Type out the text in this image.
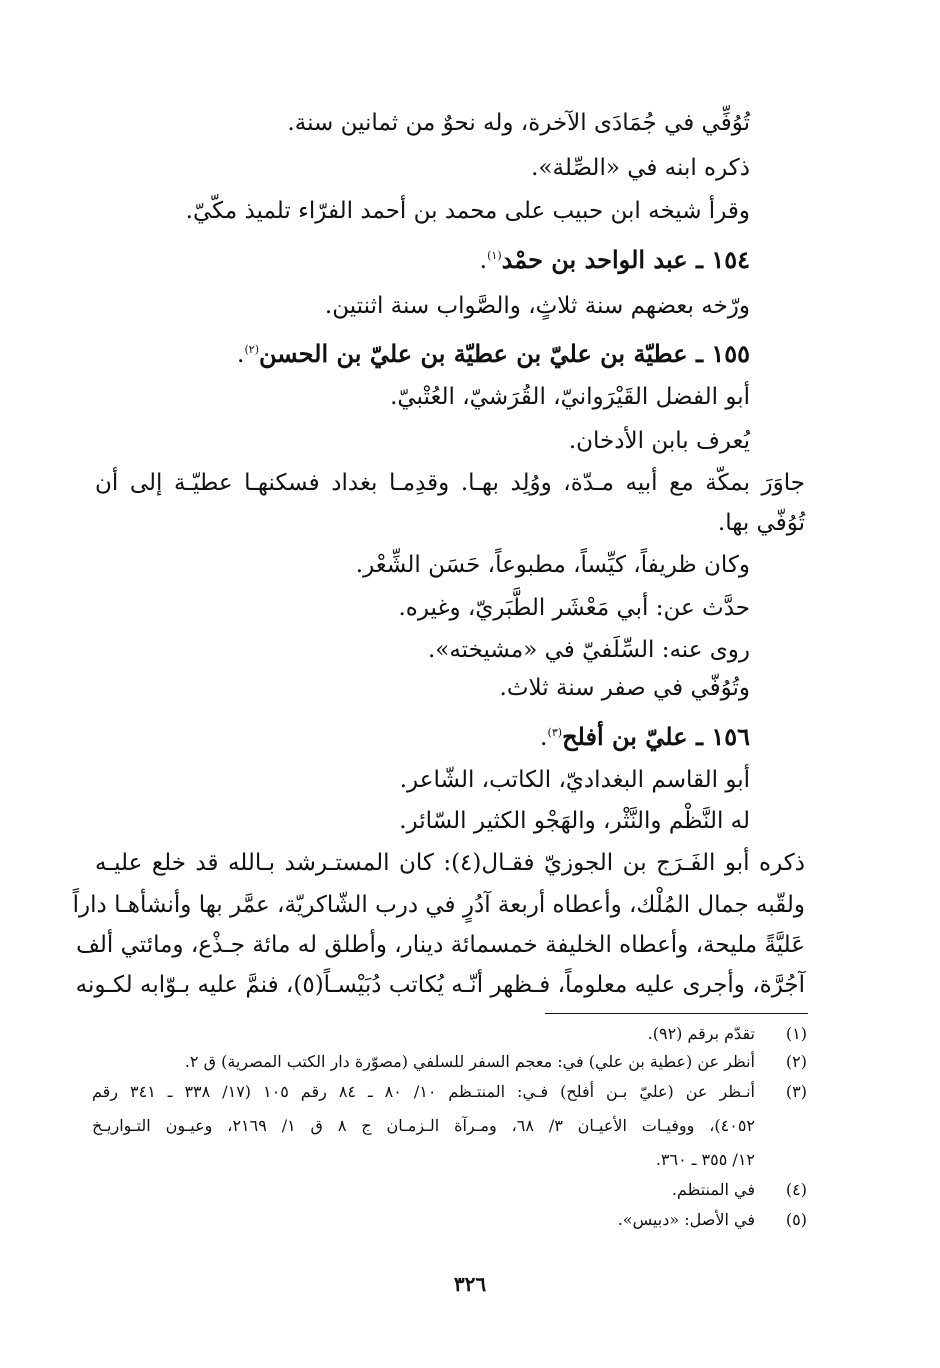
تُوُفِّي في جُمَادَى الآخرة، وله نحوٌ من ثمانين سنة.

ذكره ابنه في «الصِّلة».

وقرأ شيخه ابن حبيب على محمد بن أحمد الفرّاء تلميذ مكّيّ.

١٥٤ ـ عبد الواحد بن حمْد$^{(١)}$.

ورّخه بعضهم سنة ثلاثٍ، والصَّواب سنة اثنتين.

١٥٥ ـ عطيّة بن عليّ بن عطيّة بن عليّ بن الحسن$^{(٢)}$.

أبو الفضل القَيْرَوانيّ، القُرَشيّ، العُتْبيّ.

يُعرف بابن الأدخان.

جاوَرَ بمكّة مع أبيه مـدّة، ووُلِد بهـا. وقدِمـا بغداد فسكنهـا عطيّـة إلى أن

تُوُفّي بها.

وكان ظريفاً، كيِّساً، مطبوعاً، حَسَن الشِّعْر.

حدَّث عن: أبي مَعْشَر الطَّبَريّ، وغيره.

روى عنه: السِّلَفيّ في «مشيخته».

وتُوُفّي في صفر سنة ثلاث.

١٥٦ ـ عليّ بن أفلح$^{(٣)}$.

أبو القاسم البغداديّ، الكاتب، الشّاعر.

له النَّظْم والنَّثْر، والهَجْو الكثير السّائر.

ذكره أبو الفَـرَج بن الجوزيّ فقـال(٤): كان المستـرشد بـالله قد خلع عليـه

ولقّبه جمال المُلْك، وأعطاه أربعة آدُرٍ في درب الشّاكريّة، عمَّر بها وأنشأهـا داراً

عَليَّةً مليحة، وأعطاه الخليفة خمسمائة دينار، وأطلق له مائة جـذْع، ومائتي ألف

آجُرَّة، وأجرى عليه معلوماً، فـظهر أنّـه يُكاتب دُبَيْسـاً(٥)، فنمَّ عليه بـوّابه لكـونه

(١)
تقدّم برقم (٩٢).
(٢)
أنظر عن (عطية بن علي) في: معجم السفر للسلفي (مصوّرة دار الكتب المصرية) ق ٢.
(٣)
أنـظر عن (عليّ بـن أفلح) فـي: المنتـظم ١٠/ ٨٠ ـ ٨٤ رقم ١٠٥ (١٧/ ٣٣٨ ـ ٣٤١ رقم
٤٠٥٢)، ووفيـات الأعيـان ٣/ ٦٨، ومـرآة الـزمـان ج ٨ ق ١/ ٢١٦٩، وعيـون التـواريـخ
١٢/ ٣٥٥ ـ ٣٦٠.
(٤)
في المنتظم.
(٥)
في الأصل: «دبيس».
٣٢٦
